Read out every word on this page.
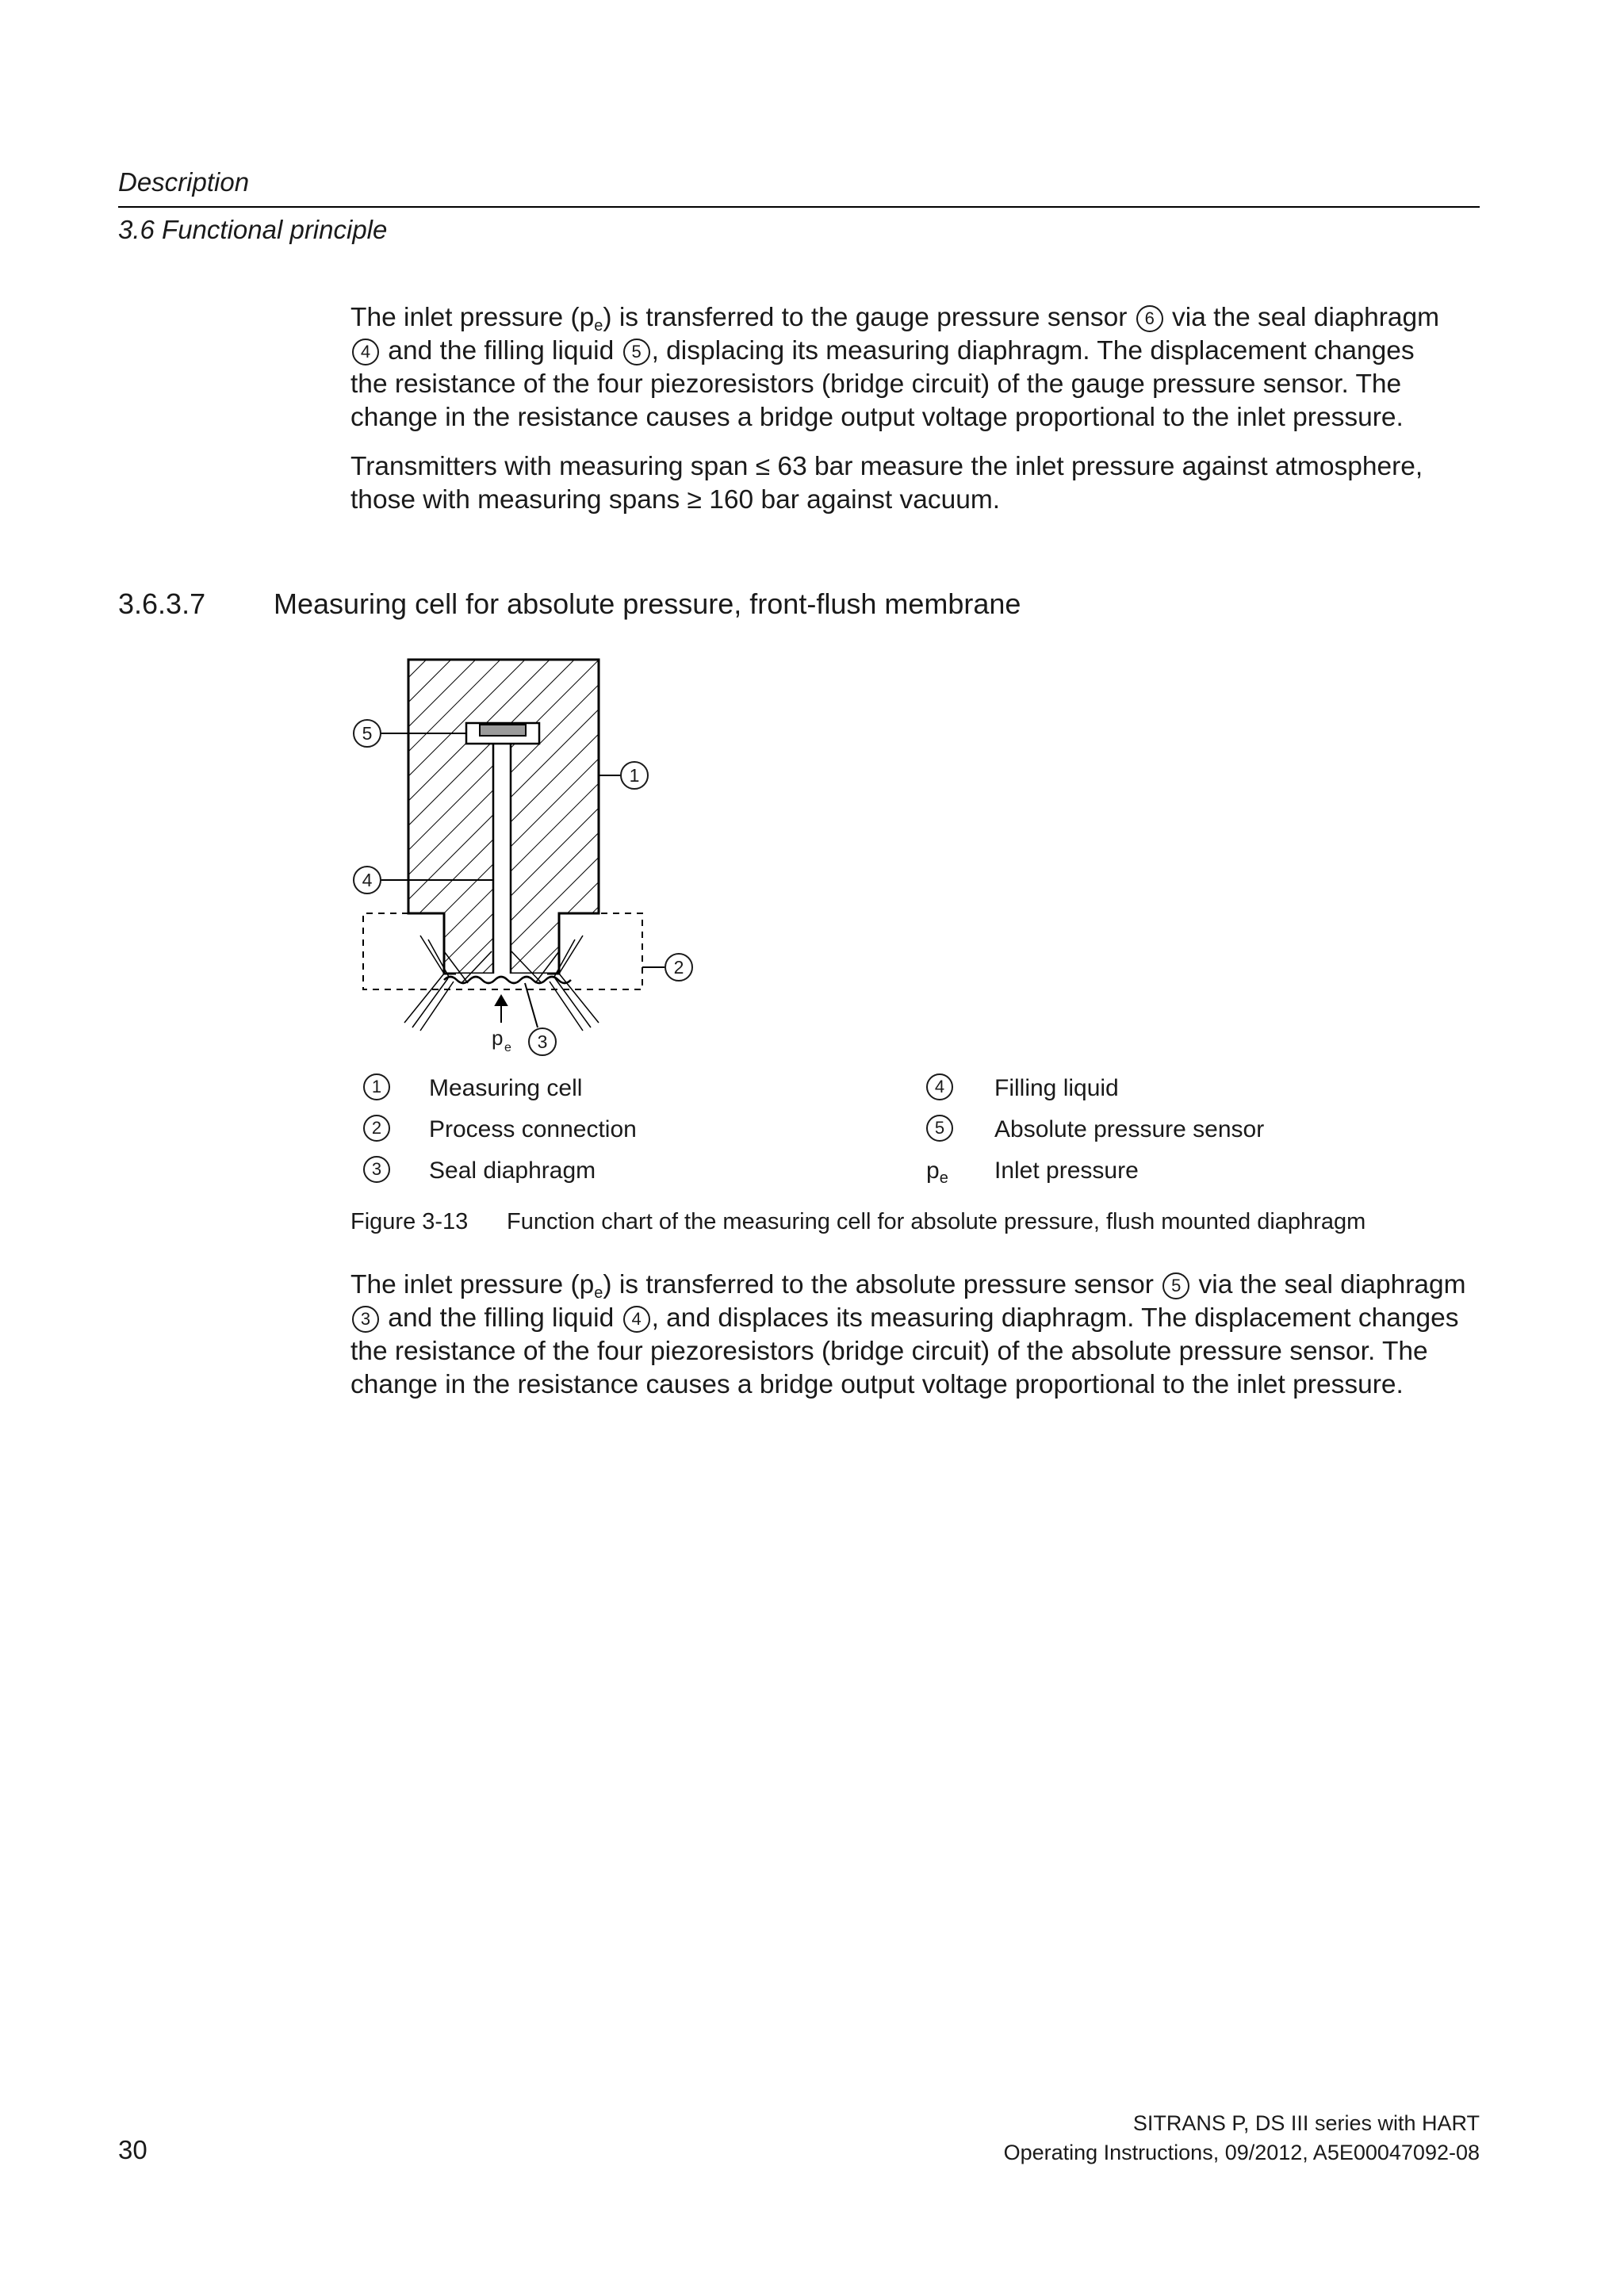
Description
3.6 Functional principle
The inlet pressure $(p_e)$ is transferred to the gauge pressure sensor 6 via the seal diaphragm
4 and the filling liquid 5 , displacing its measuring diaphragm. The displacement changes
the resistance of the four piezoresistors (bridge circuit) of the gauge pressure sensor. The
change in the resistance causes a bridge output voltage proportional to the inlet pressure.
Transmitters with measuring span ≤ 63 bar measure the inlet pressure against atmosphere,
those with measuring spans ≥ 160 bar against vacuum.
3.6.3.7 Measuring cell for absolute pressure, front-flush membrane
1
2
3
4
5
p e
1	Measuring cell
2	Process connection
3	Seal diaphragm
4	Filling liquid
5	Absolute pressure sensor
$p_e$ Inlet pressure
Figure 3-13 Function chart of the measuring cell for absolute pressure, flush mounted diaphragm
The inlet pressure $(p_e)$ is transferred to the absolute pressure sensor 5 via the seal diaphragm
3 and the filling liquid 4 , and displaces its measuring diaphragm. The displacement changes
the resistance of the four piezoresistors (bridge circuit) of the absolute pressure sensor. The
change in the resistance causes a bridge output voltage proportional to the inlet pressure.
30
SITRANS P, DS III series with HART
Operating Instructions, 09/2012, A5E00047092-08
